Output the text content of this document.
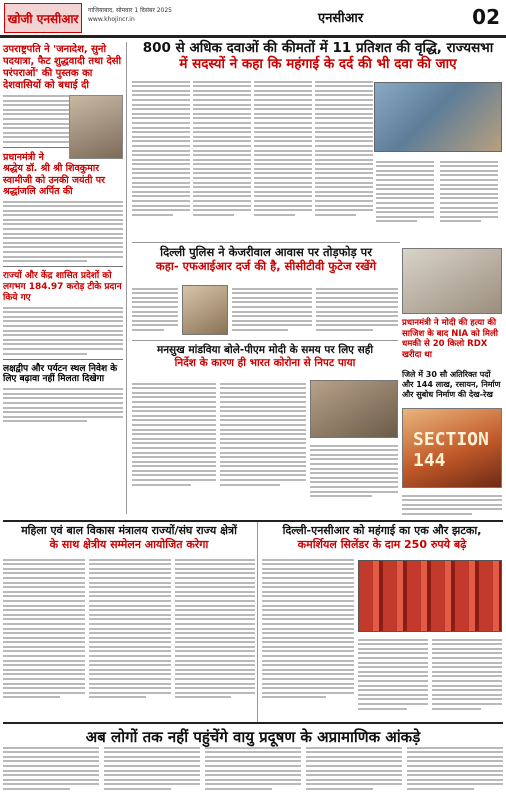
खोजी एनसीआर
गाजियाबाद, सोमवार 1 दिसंबर 2025
www.khojincr.in	एनसीआर	02
उपराष्ट्रपति ने 'जनादेश, सुनो पदयात्रा, फैट शुद्धवादी तथा देसी परंपराओं' की पुस्तक का देशवासियों को बधाई दी
प्रधानमंत्री ने श्रद्धेय डॉ. श्री श्री शिवकुमार स्वामीजी को उनकी जयंती पर श्रद्धांजलि अर्पित की
राज्यों और केंद्र शासित प्रदेशों को लगभग 184.97 करोड़ टीके प्रदान किये गए
लक्षद्वीप और पर्यटन स्थल निवेश के लिए बढ़ावा नहीं मिलता दिखेगा
800 से अधिक दवाओं की कीमतों में 11 प्रतिशत की वृद्धि, राज्यसभा
में सदस्यों ने कहा कि महंगाई के दर्द की भी दवा की जाए
दिल्ली पुलिस ने केजरीवाल आवास पर तोड़फोड़ पर
कहा- एफआईआर दर्ज की है, सीसीटीवी फुटेज रखेंगे
प्रधानमंत्री ने मोदी की हत्या की साजिश के बाद NIA को मिली धमकी से 20 किलो RDX खरीदा था
जिले में 30 सौ अतिरिक्त पदों और 144 लाख, रसायन, निर्माण और सुबोध निर्माण की देख-रेख
SECTION 144
मनसुख मांडविया बोले-पीएम मोदी के समय पर लिए सही
निर्देश के कारण ही भारत कोरोना से निपट पाया
महिला एवं बाल विकास मंत्रालय राज्यों/संघ राज्य क्षेत्रों
के साथ क्षेत्रीय सम्मेलन आयोजित करेगा
दिल्ली-एनसीआर को महंगाई का एक और झटका,
कमर्शियल सिलेंडर के दाम 250 रुपये बढ़े
अब लोगों तक नहीं पहुंचेंगे वायु प्रदूषण के अप्रामाणिक आंकड़े
